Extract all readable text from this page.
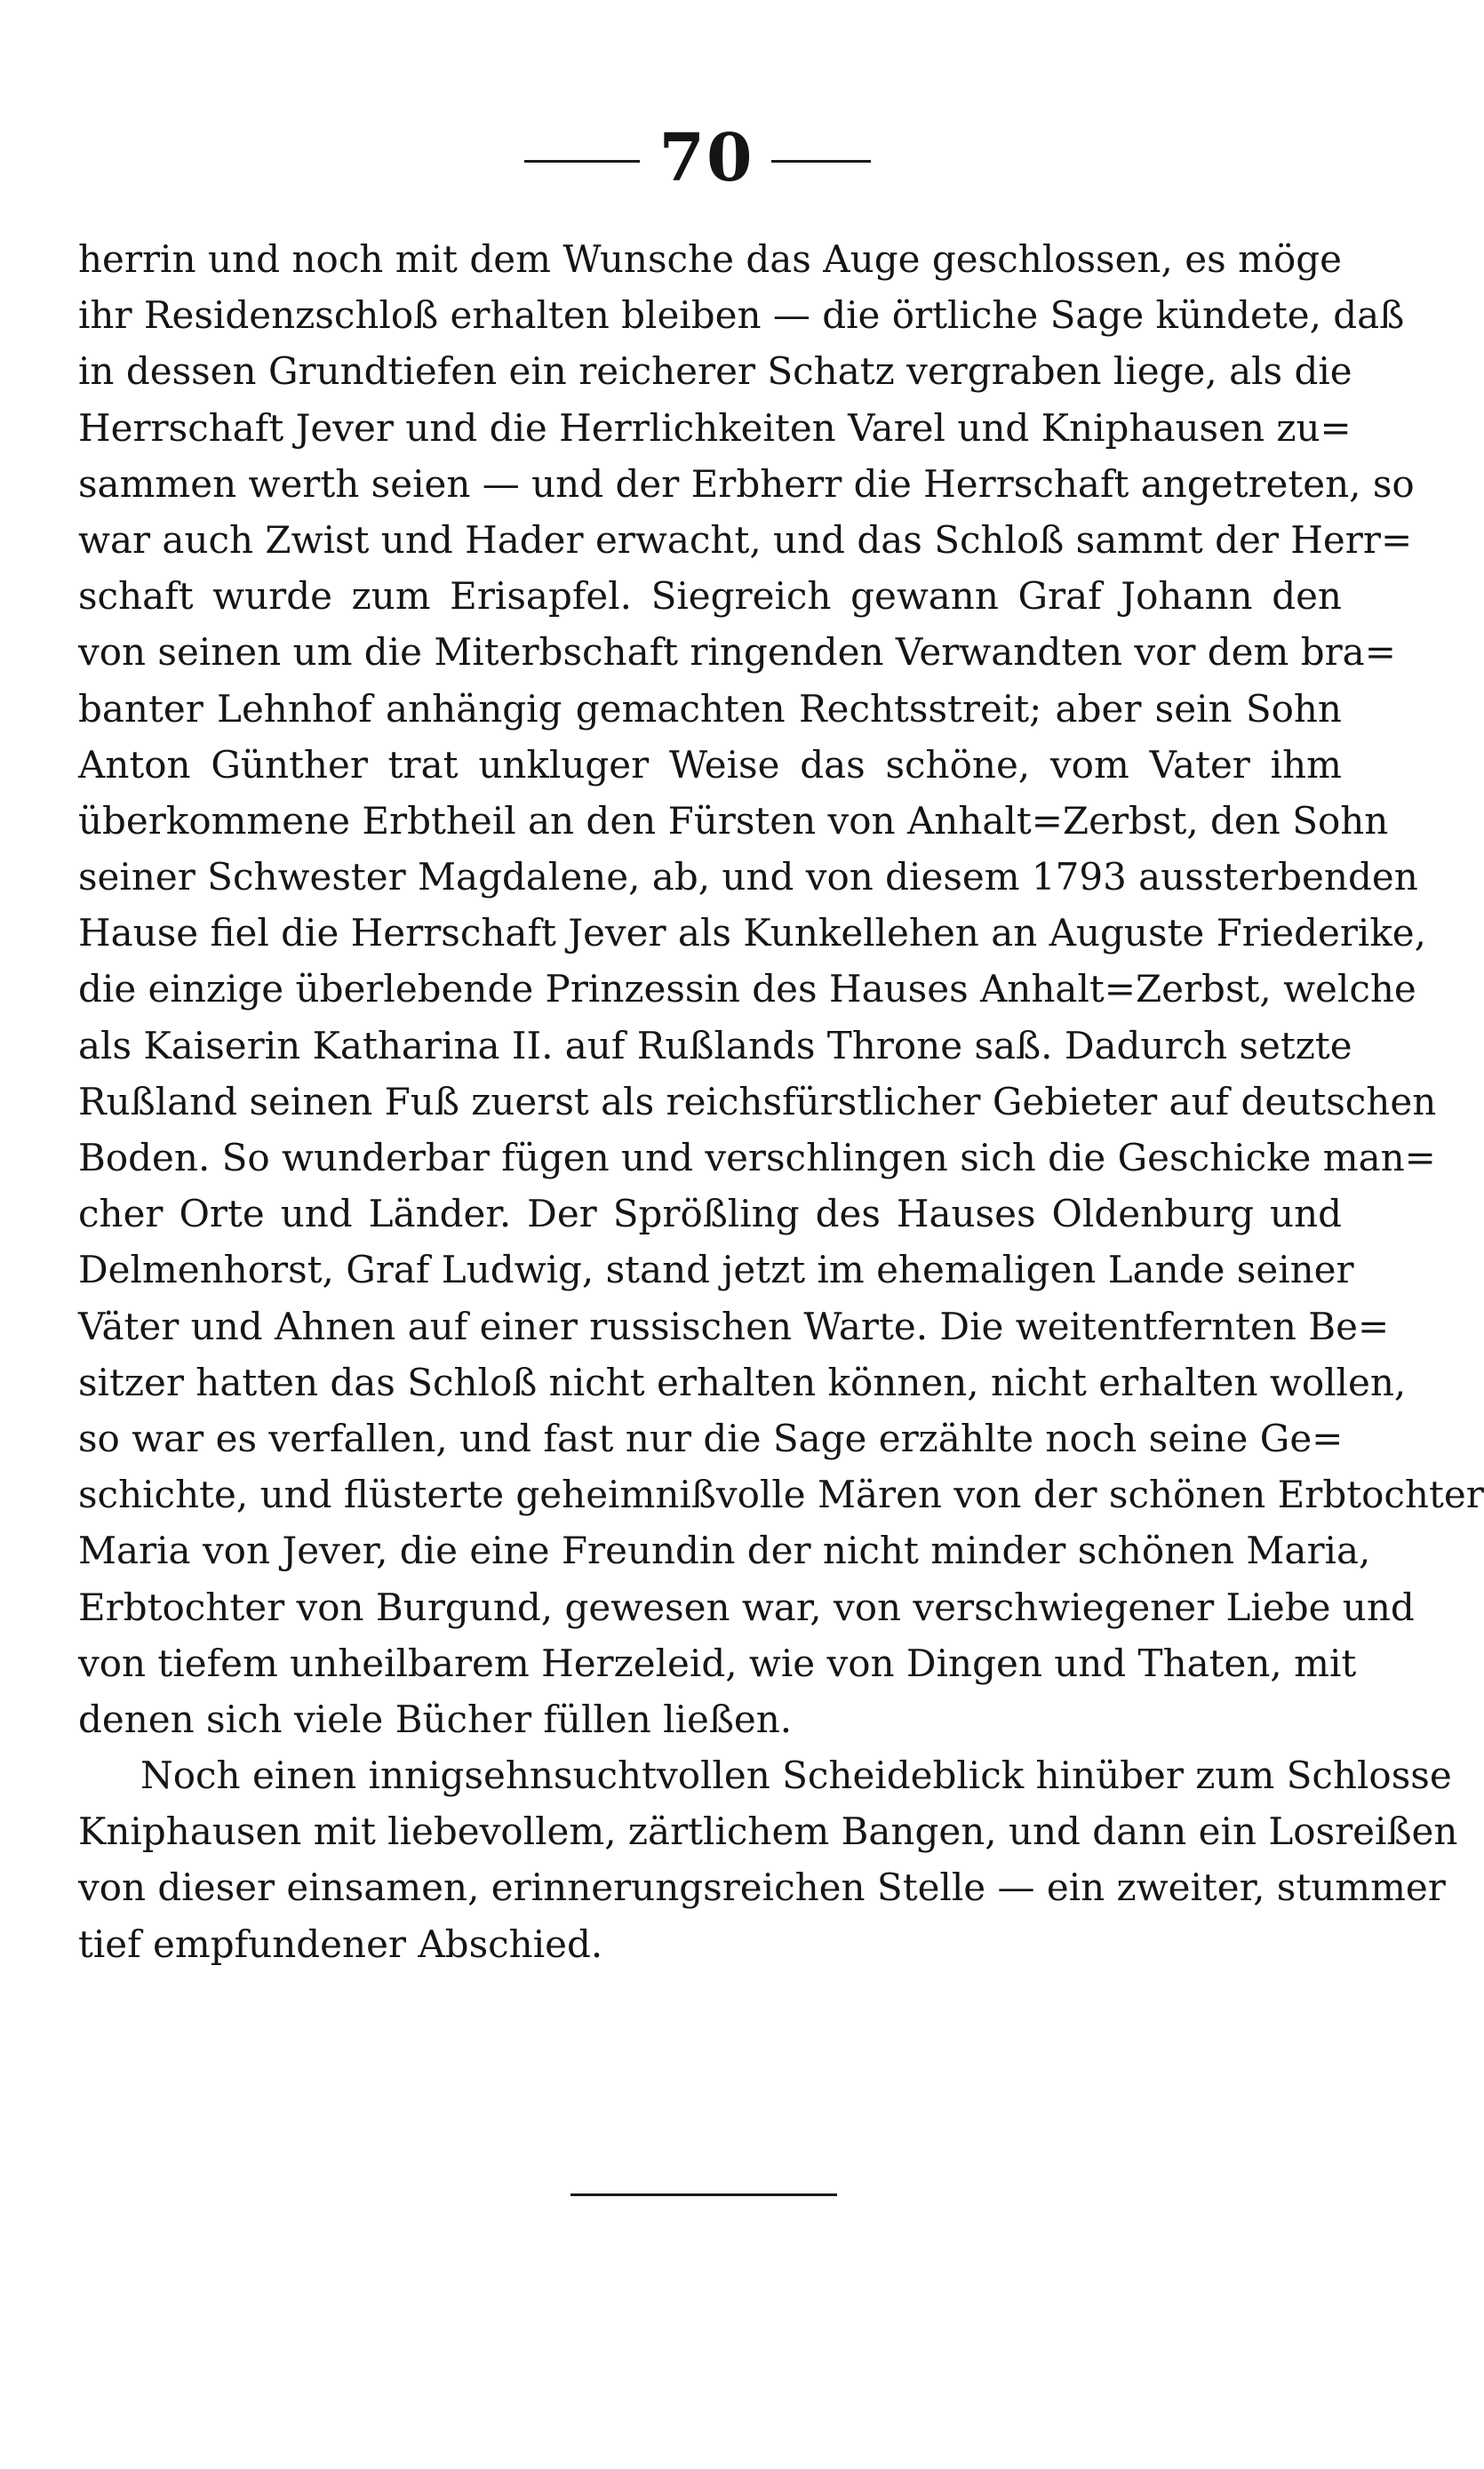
70
herrin und noch mit dem Wunsche das Auge geschlossen, es möge
ihr Residenzschloß erhalten bleiben — die örtliche Sage kündete, daß
in dessen Grundtiefen ein reicherer Schatz vergraben liege, als die
Herrschaft Jever und die Herrlichkeiten Varel und Kniphausen zu=
sammen werth seien — und der Erbherr die Herrschaft angetreten, so
war auch Zwist und Hader erwacht, und das Schloß sammt der Herr=
schaft wurde zum Erisapfel. Siegreich gewann Graf Johann den
von seinen um die Miterbschaft ringenden Verwandten vor dem bra=
banter Lehnhof anhängig gemachten Rechtsstreit; aber sein Sohn
Anton Günther trat unkluger Weise das schöne, vom Vater ihm
überkommene Erbtheil an den Fürsten von Anhalt=Zerbst, den Sohn
seiner Schwester Magdalene, ab, und von diesem 1793 aussterbenden
Hause fiel die Herrschaft Jever als Kunkellehen an Auguste Friederike,
die einzige überlebende Prinzessin des Hauses Anhalt=Zerbst, welche
als Kaiserin Katharina II. auf Rußlands Throne saß. Dadurch setzte
Rußland seinen Fuß zuerst als reichsfürstlicher Gebieter auf deutschen
Boden. So wunderbar fügen und verschlingen sich die Geschicke man=
cher Orte und Länder. Der Sprößling des Hauses Oldenburg und
Delmenhorst, Graf Ludwig, stand jetzt im ehemaligen Lande seiner
Väter und Ahnen auf einer russischen Warte. Die weitentfernten Be=
sitzer hatten das Schloß nicht erhalten können, nicht erhalten wollen,
so war es verfallen, und fast nur die Sage erzählte noch seine Ge=
schichte, und flüsterte geheimnißvolle Mären von der schönen Erbtochter
Maria von Jever, die eine Freundin der nicht minder schönen Maria,
Erbtochter von Burgund, gewesen war, von verschwiegener Liebe und
von tiefem unheilbarem Herzeleid, wie von Dingen und Thaten, mit
denen sich viele Bücher füllen ließen.
Noch einen innigsehnsuchtvollen Scheideblick hinüber zum Schlosse
Kniphausen mit liebevollem, zärtlichem Bangen, und dann ein Losreißen
von dieser einsamen, erinnerungsreichen Stelle — ein zweiter, stummer
tief empfundener Abschied.
